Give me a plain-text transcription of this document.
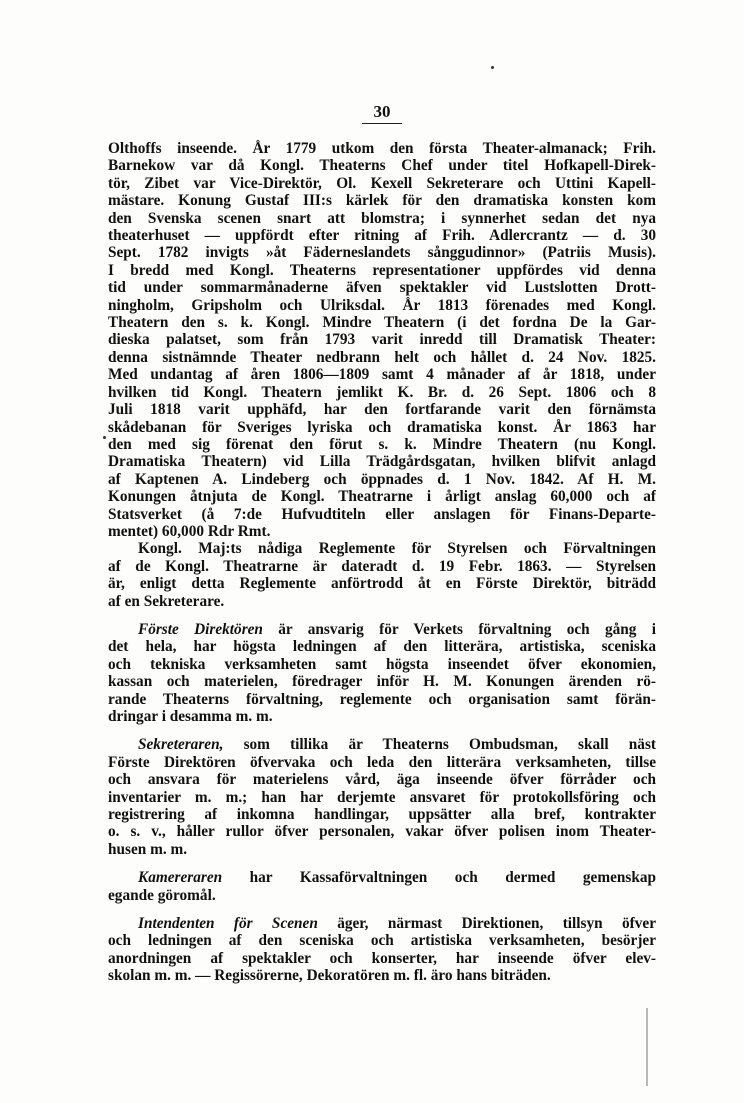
30
Olthoffs inseende. År 1779 utkom den första Theater-almanack; Frih.
Barnekow var då Kongl. Theaterns Chef under titel Hofkapell-Direk-
tör, Zibet var Vice-Direktör, Ol. Kexell Sekreterare och Uttini Kapell-
mästare. Konung Gustaf III:s kärlek för den dramatiska konsten kom
den Svenska scenen snart att blomstra; i synnerhet sedan det nya
theaterhuset — uppfördt efter ritning af Frih. Adlercrantz — d. 30
Sept. 1782 invigts »åt Fäderneslandets sånggudinnor» (Patriis Musis).
I bredd med Kongl. Theaterns representationer uppfördes vid denna
tid under sommarmånaderne äfven spektakler vid Lustslotten Drott-
ningholm, Gripsholm och Ulriksdal. År 1813 förenades med Kongl.
Theatern den s. k. Kongl. Mindre Theatern (i det fordna De la Gar-
dieska palatset, som från 1793 varit inredd till Dramatisk Theater:
denna sistnämnde Theater nedbrann helt och hållet d. 24 Nov. 1825.
Med undantag af åren 1806—1809 samt 4 månader af år 1818, under
hvilken tid Kongl. Theatern jemlikt K. Br. d. 26 Sept. 1806 och 8
Juli 1818 varit upphäfd, har den fortfarande varit den förnämsta
skådebanan för Sveriges lyriska och dramatiska konst. År 1863 har
den med sig förenat den förut s. k. Mindre Theatern (nu Kongl.
Dramatiska Theatern) vid Lilla Trädgårdsgatan, hvilken blifvit anlagd
af Kaptenen A. Lindeberg och öppnades d. 1 Nov. 1842. Af H. M.
Konungen åtnjuta de Kongl. Theatrarne i årligt anslag 60,000 och af
Statsverket (å 7:de Hufvudtiteln eller anslagen för Finans-Departe-
mentet) 60,000 Rdr Rmt.
Kongl. Maj:ts nådiga Reglemente för Styrelsen och Förvaltningen
af de Kongl. Theatrarne är dateradt d. 19 Febr. 1863. — Styrelsen
är, enligt detta Reglemente anförtrodd åt en Förste Direktör, biträdd
af en Sekreterare.
Förste Direktören är ansvarig för Verkets förvaltning och gång i
det hela, har högsta ledningen af den litterära, artistiska, sceniska
och tekniska verksamheten samt högsta inseendet öfver ekonomien,
kassan och materielen, föredrager inför H. M. Konungen ärenden rö-
rande Theaterns förvaltning, reglemente och organisation samt förän-
dringar i desamma m. m.
Sekreteraren, som tillika är Theaterns Ombudsman, skall näst
Förste Direktören öfvervaka och leda den litterära verksamheten, tillse
och ansvara för materielens vård, äga inseende öfver förråder och
inventarier m. m.; han har derjemte ansvaret för protokollsföring och
registrering af inkomna handlingar, uppsätter alla bref, kontrakter
o. s. v., håller rullor öfver personalen, vakar öfver polisen inom Theater-
husen m. m.
Kamereraren har Kassaförvaltningen och dermed gemenskap
egande göromål.
Intendenten för Scenen äger, närmast Direktionen, tillsyn öfver
och ledningen af den sceniska och artistiska verksamheten, besörjer
anordningen af spektakler och konserter, har inseende öfver elev-
skolan m. m. — Regissörerne, Dekoratören m. fl. äro hans biträden.
